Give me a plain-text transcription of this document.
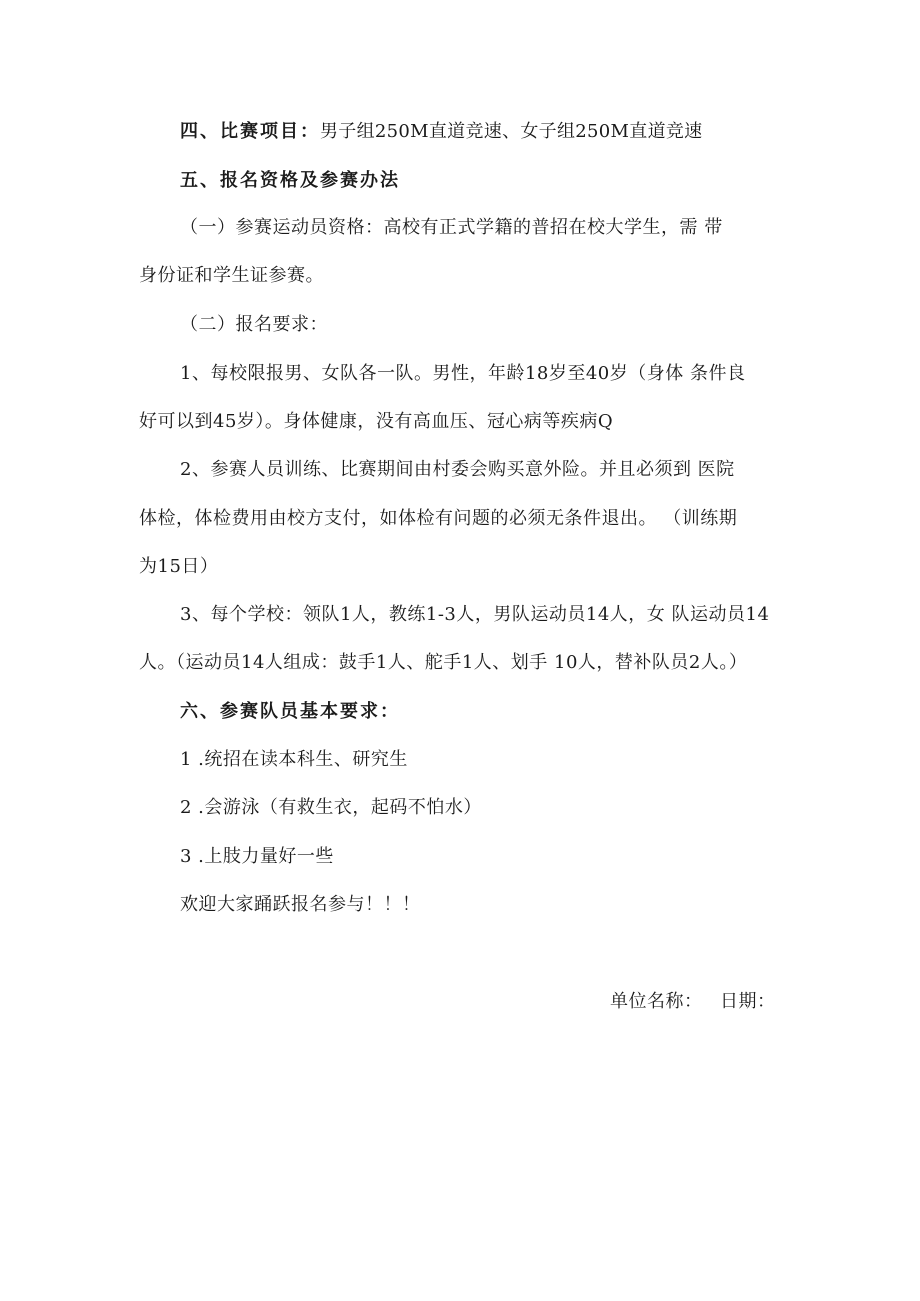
四、比赛项目：男子组250M直道竞速、女子组250M直道竞速
五、报名资格及参赛办法
（一）参赛运动员资格：高校有正式学籍的普招在校大学生，需 带
身份证和学生证参赛。
（二）报名要求：
1、每校限报男、女队各一队。男性，年龄18岁至40岁（身体 条件良
好可以到45岁）。身体健康，没有高血压、冠心病等疾病Q
2、参赛人员训练、比赛期间由村委会购买意外险。并且必须到 医院
体检，体检费用由校方支付，如体检有问题的必须无条件退出。 （训练期
为15日）
3、每个学校：领队1人，教练1-3人，男队运动员14人，女 队运动员14
人。（运动员14人组成：鼓手1人、舵手1人、划手 10人，替补队员2人。）
六、参赛队员基本要求：
1 .统招在读本科生、研究生
2 .会游泳（有救生衣，起码不怕水）
3 .上肢力量好一些
欢迎大家踊跃报名参与！！！
单位名称： 日期：
